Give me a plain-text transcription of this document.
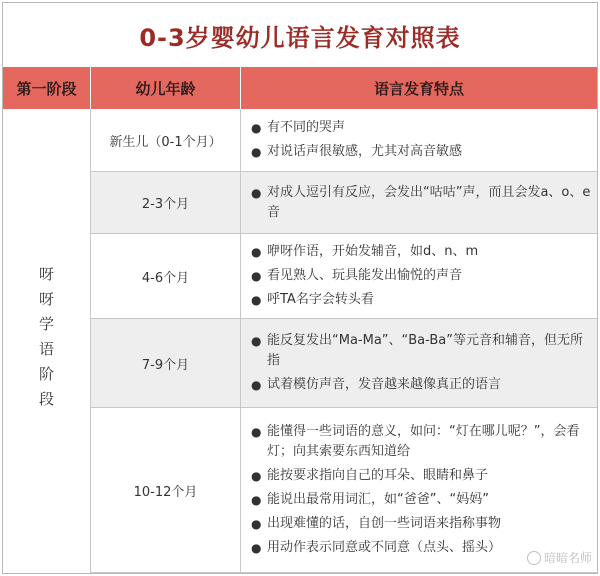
0-3岁婴幼儿语言发育对照表
第一阶段	幼儿年龄	语言发育特点
呀呀学语阶段
新生儿（0-1个月）
● 有不同的哭声
● 对说话声很敏感，尤其对高音敏感
2-3个月
● 对成人逗引有反应，会发出“咕咕”声，而且会发a、o、e音
4-6个月
● 咿呀作语，开始发辅音，如d、n、m
● 看见熟人、玩具能发出愉悦的声音
● 呼TA名字会转头看
7-9个月
● 能反复发出“Ma-Ma”、“Ba-Ba”等元音和辅音，但无所指
● 试着模仿声音，发音越来越像真正的语言
10-12个月
● 能懂得一些词语的意义，如问：“灯在哪儿呢？”，会看灯；向其索要东西知道给
● 能按要求指向自己的耳朵、眼睛和鼻子
● 能说出最常用词汇，如“爸爸”、“妈妈”
● 出现难懂的话，自创一些词语来指称事物
● 用动作表示同意或不同意（点头、摇头）
暗暗名师
